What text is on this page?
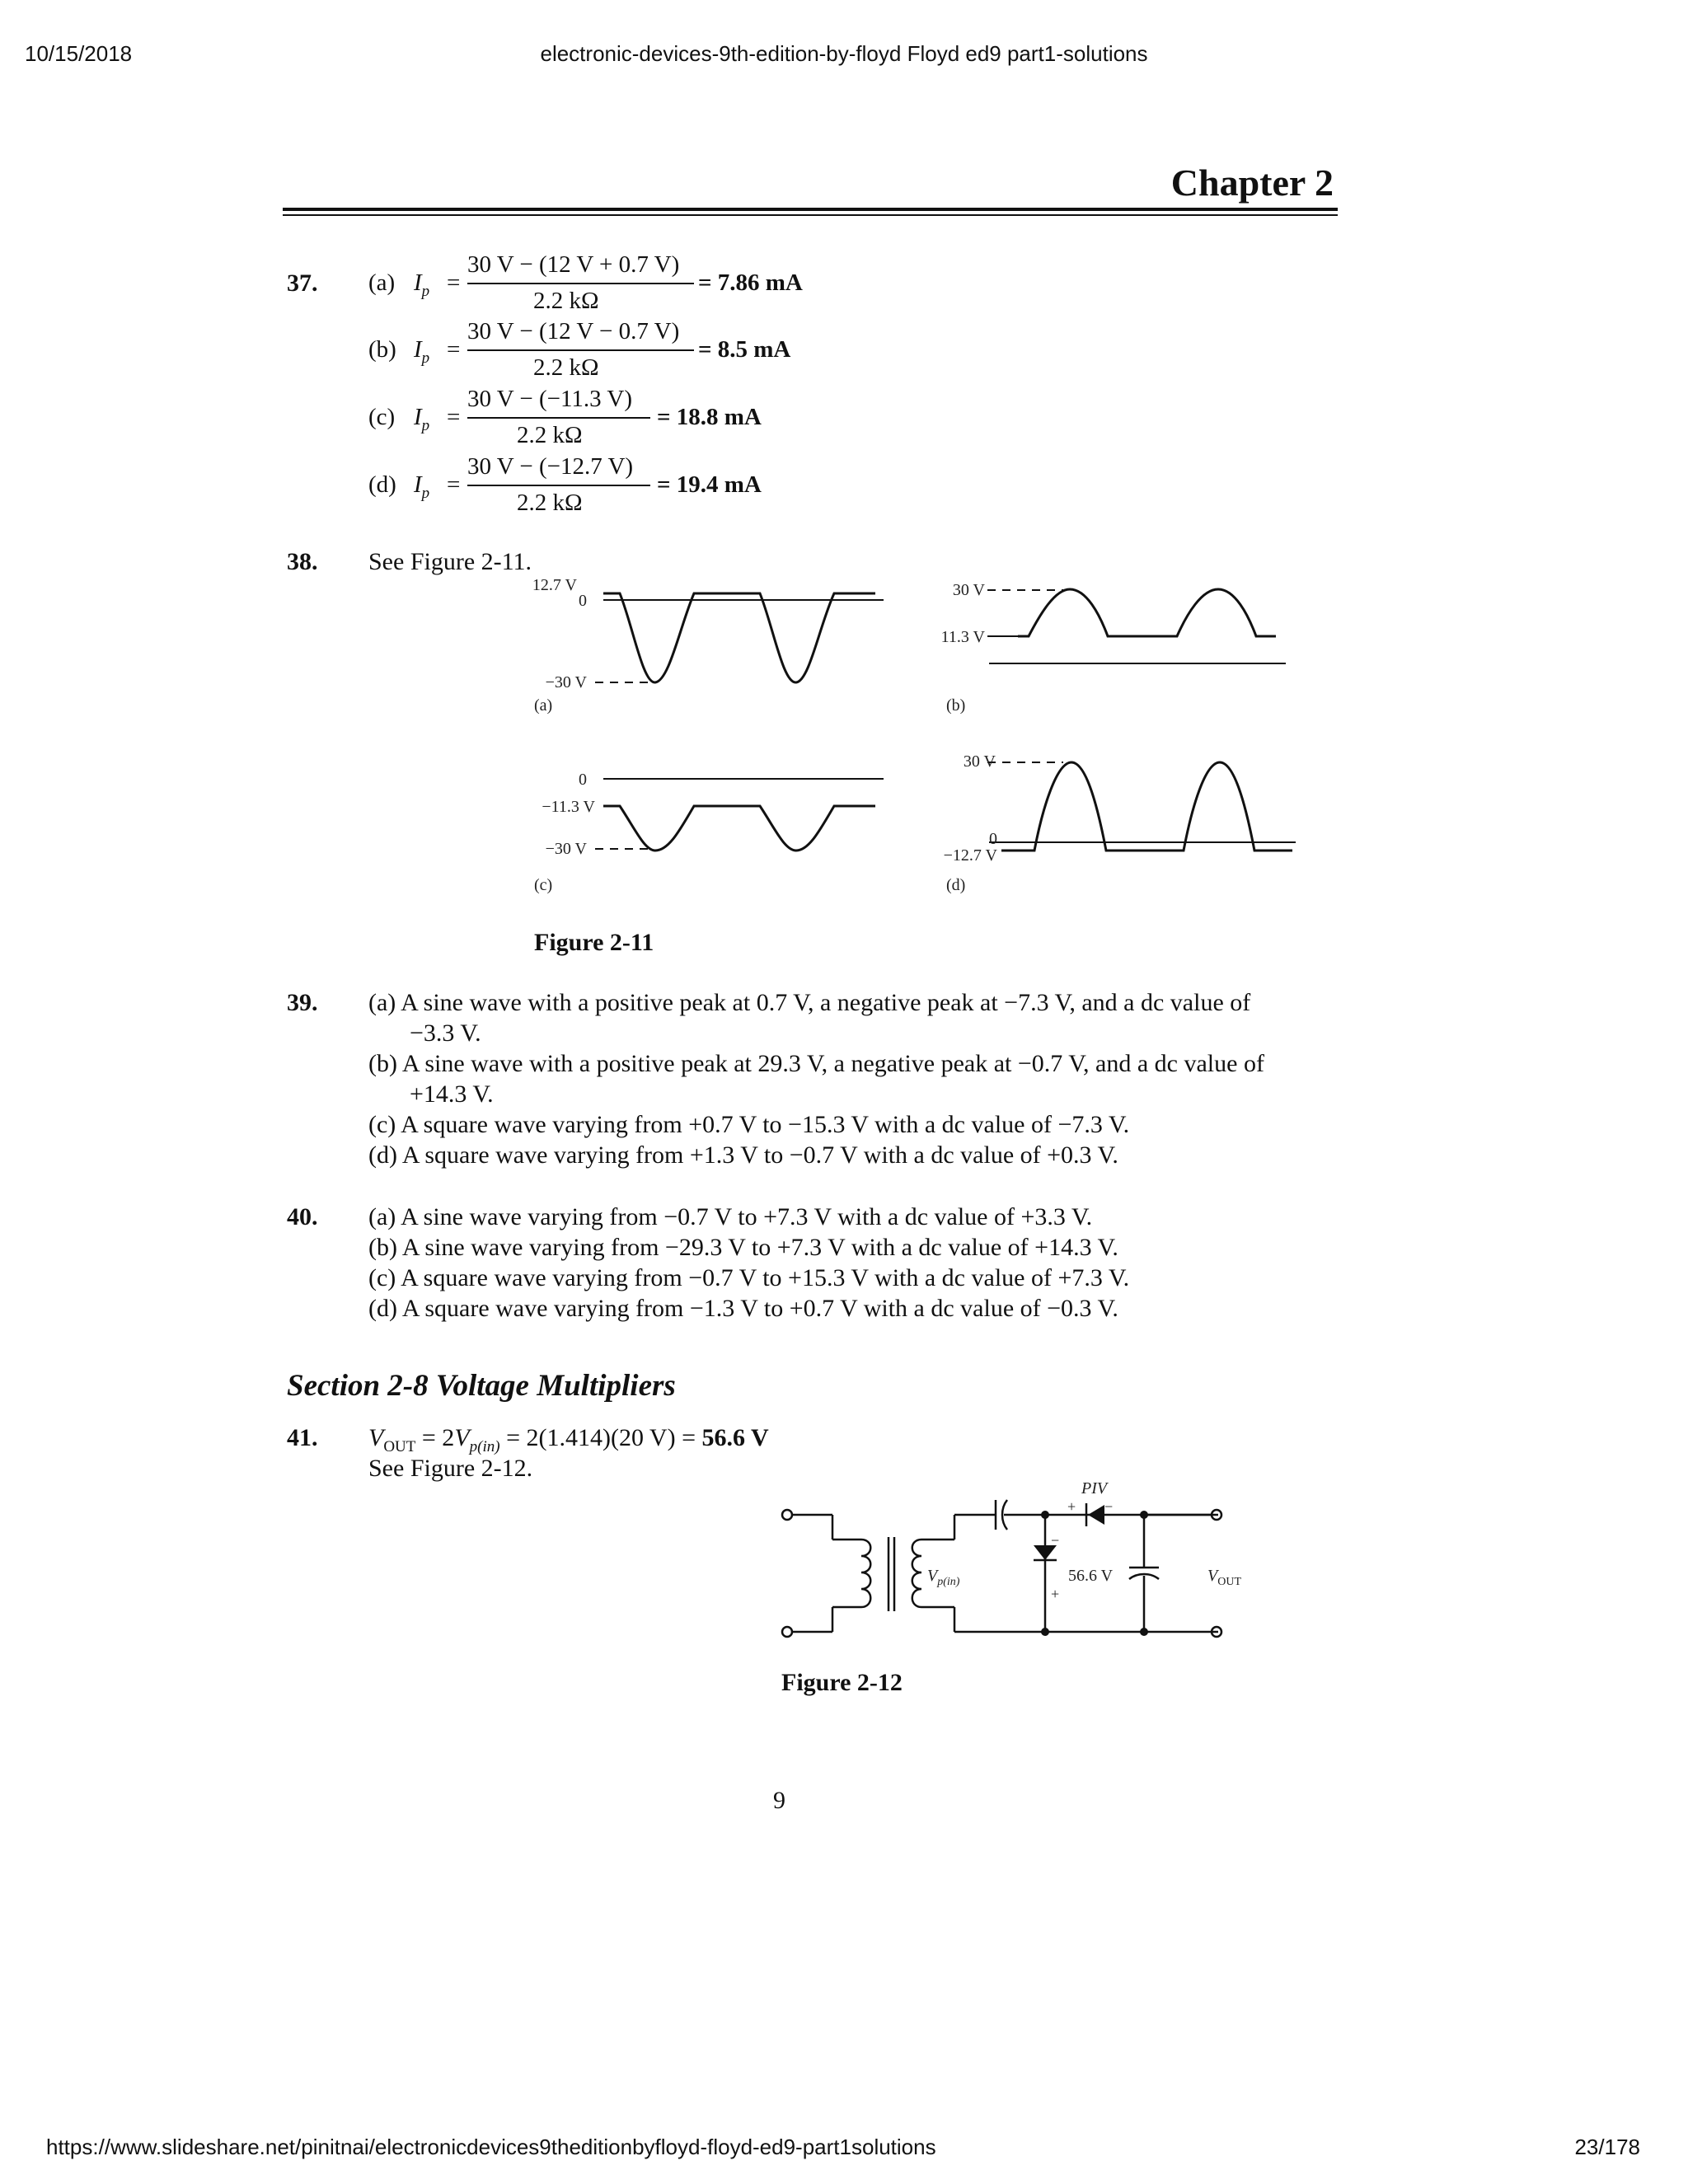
10/15/2018	electronic-devices-9th-edition-by-floyd Floyd ed9 part1-solutions
https://www.slideshare.net/pinitnai/electronicdevices9theditionbyfloyd-floyd-ed9-part1solutions	23/178
Chapter 2
37. (a) $I_p$ =
30 V − (12 V + 0.7 V)
2.2 kΩ
= 7.86 mA
(b) $I_p$ =
30 V − (12 V − 0.7 V)
2.2 kΩ
= 8.5 mA
(c) $I_p$ =
30 V − (−11.3 V)
2.2 kΩ
= 18.8 mA
(d) $I_p$ =
30 V − (−12.7 V)
2.2 kΩ
= 19.4 mA
38. See Figure 2-11.
12.7 V
0
−30 V
(a)
30 V
11.3 V
(b)
0
−11.3 V
−30 V
(c)
30 V
0
−12.7 V
(d)
Figure 2-11
39. (a) A sine wave with a positive peak at 0.7 V, a negative peak at −7.3 V, and a dc value of
−3.3 V.
(b) A sine wave with a positive peak at 29.3 V, a negative peak at −0.7 V, and a dc value of
+14.3 V.
(c) A square wave varying from +0.7 V to −15.3 V with a dc value of −7.3 V.
(d) A square wave varying from +1.3 V to −0.7 V with a dc value of +0.3 V.
40. (a) A sine wave varying from −0.7 V to +7.3 V with a dc value of +3.3 V.
(b) A sine wave varying from −29.3 V to +7.3 V with a dc value of +14.3 V.
(c) A square wave varying from −0.7 V to +15.3 V with a dc value of +7.3 V.
(d) A square wave varying from −1.3 V to +0.7 V with a dc value of −0.3 V.
Section 2-8 Voltage Multipliers
41. $V_{OUT} = 2V_{p(in)} = 2(1.414)(20$ V) = 56.6 V
See Figure 2-12.
PIV
+ −
−
+
56.6 V
$V_{p(in)}$	$V_{OUT}$
Figure 2-12
9
